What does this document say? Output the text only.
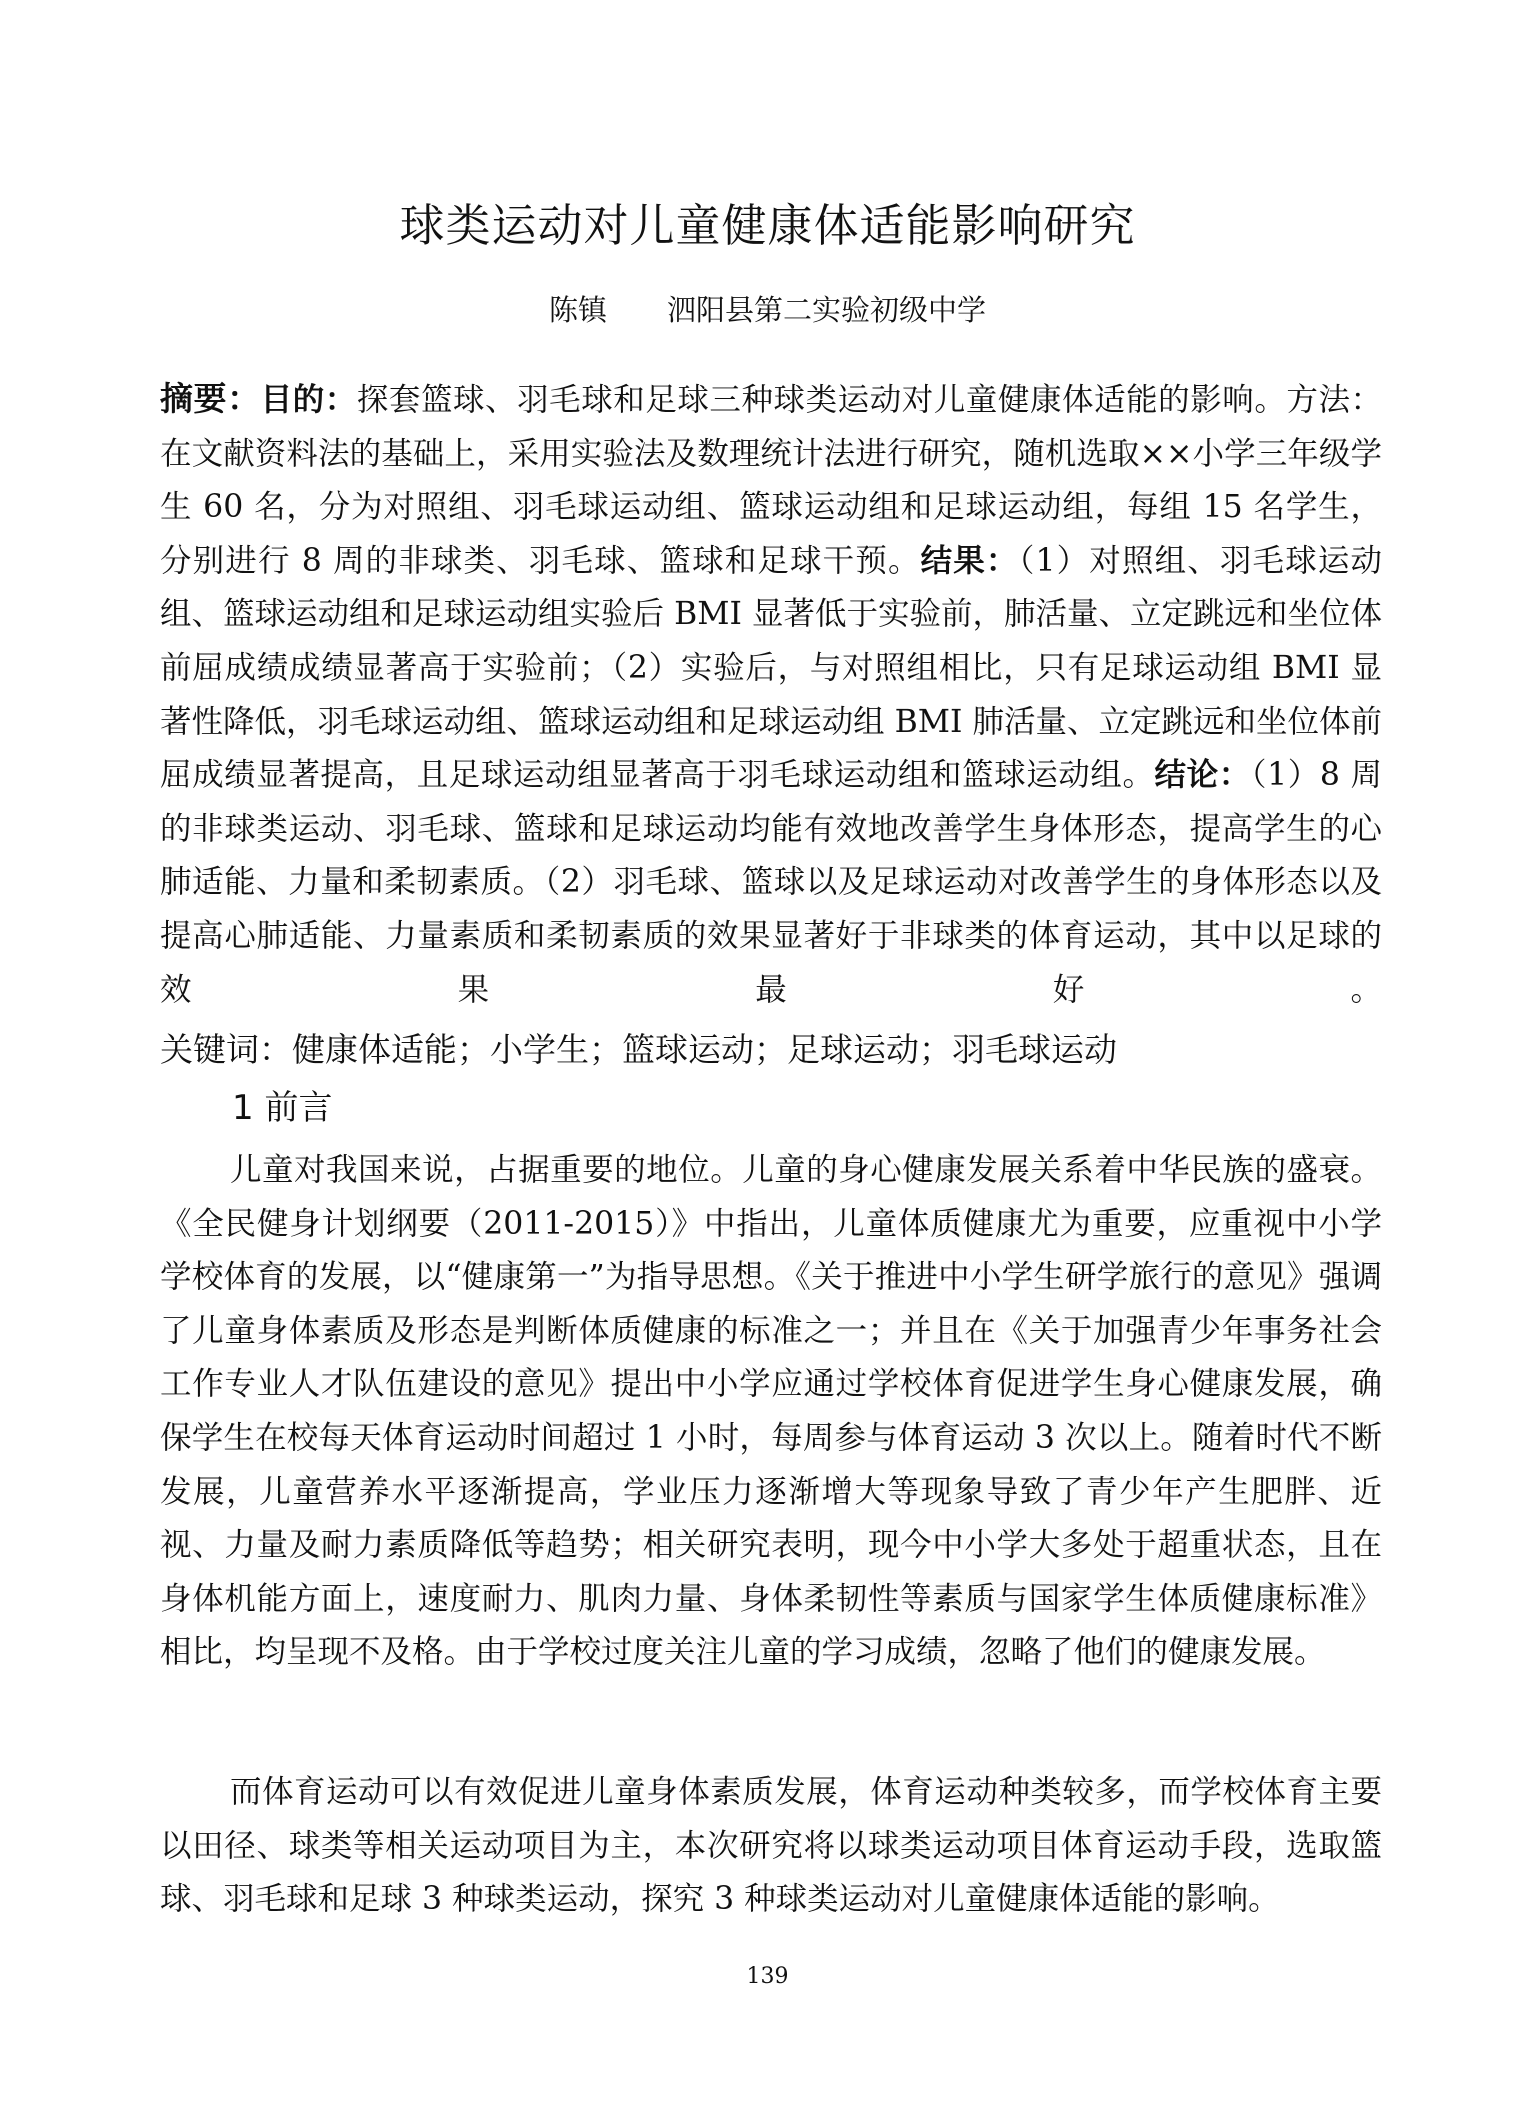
球类运动对儿童健康体适能影响研究
陈镇 泗阳县第二实验初级中学
摘要：目的：探套篮球、羽毛球和足球三种球类运动对儿童健康体适能的影响。方法：在文献资料法的基础上，采用实验法及数理统计法进行研究，随机选取××小学三年级学生 60 名，分为对照组、羽毛球运动组、篮球运动组和足球运动组，每组 15 名学生，分别进行 8 周的非球类、羽毛球、篮球和足球干预。结果：（1）对照组、羽毛球运动组、篮球运动组和足球运动组实验后 BMI 显著低于实验前，肺活量、立定跳远和坐位体前屈成绩成绩显著高于实验前；（2）实验后，与对照组相比，只有足球运动组 BMI 显著性降低，羽毛球运动组、篮球运动组和足球运动组 BMI 肺活量、立定跳远和坐位体前屈成绩显著提高，且足球运动组显著高于羽毛球运动组和篮球运动组。结论：（1）8 周的非球类运动、羽毛球、篮球和足球运动均能有效地改善学生身体形态，提高学生的心肺适能、力量和柔韧素质。（2）羽毛球、篮球以及足球运动对改善学生的身体形态以及提高心肺适能、力量素质和柔韧素质的效果显著好于非球类的体育运动，其中以足球的效果最好。
关键词：健康体适能；小学生；篮球运动；足球运动；羽毛球运动
1 前言
儿童对我国来说，占据重要的地位。儿童的身心健康发展关系着中华民族的盛衰。《全民健身计划纲要（2011-2015）》中指出，儿童体质健康尤为重要，应重视中小学学校体育的发展，以“健康第一”为指导思想。《关于推进中小学生研学旅行的意见》强调了儿童身体素质及形态是判断体质健康的标准之一；并且在《关于加强青少年事务社会工作专业人才队伍建设的意见》提出中小学应通过学校体育促进学生身心健康发展，确保学生在校每天体育运动时间超过 1 小时，每周参与体育运动 3 次以上。随着时代不断发展，儿童营养水平逐渐提高，学业压力逐渐增大等现象导致了青少年产生肥胖、近视、力量及耐力素质降低等趋势；相关研究表明，现今中小学大多处于超重状态，且在身体机能方面上，速度耐力、肌肉力量、身体柔韧性等素质与国家学生体质健康标准》相比，均呈现不及格。由于学校过度关注儿童的学习成绩，忽略了他们的健康发展。
而体育运动可以有效促进儿童身体素质发展，体育运动种类较多，而学校体育主要以田径、球类等相关运动项目为主，本次研究将以球类运动项目体育运动手段，选取篮球、羽毛球和足球 3 种球类运动，探究 3 种球类运动对儿童健康体适能的影响。
139
